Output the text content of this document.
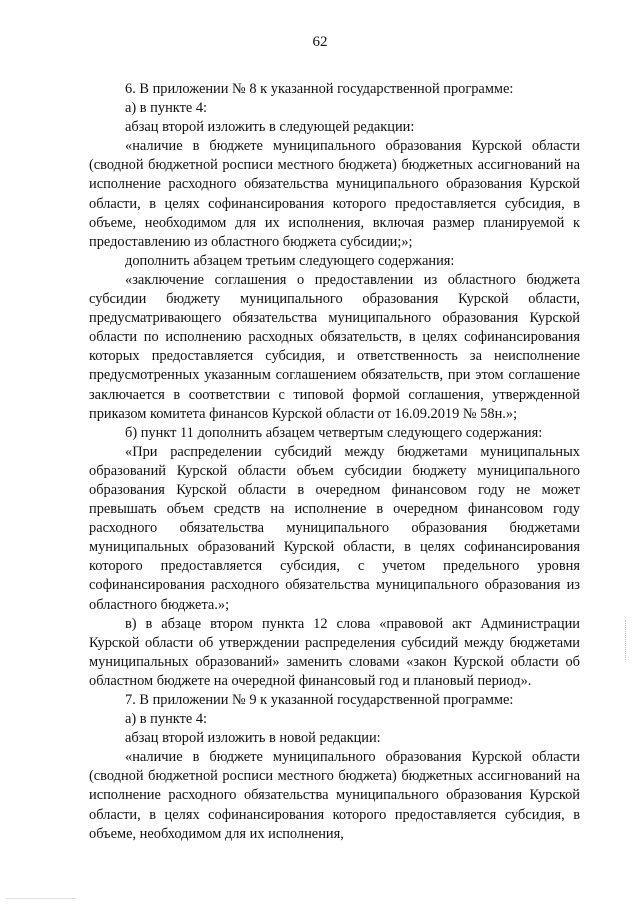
62

6. В приложении № 8 к указанной государственной программе:

а) в пункте 4:

абзац второй изложить в следующей редакции:

«наличие в бюджете муниципального образования Курской области (сводной бюджетной росписи местного бюджета) бюджетных ассигнований на исполнение расходного обязательства муниципального образования Курской области, в целях софинансирования которого предоставляется субсидия, в объеме, необходимом для их исполнения, включая размер планируемой к предоставлению из областного бюджета субсидии;»;

дополнить абзацем третьим следующего содержания:

«заключение соглашения о предоставлении из областного бюджета субсидии бюджету муниципального образования Курской области, предусматривающего обязательства муниципального образования Курской области по исполнению расходных обязательств, в целях софинансирования которых предоставляется субсидия, и ответственность за неисполнение предусмотренных указанным соглашением обязательств, при этом соглашение заключается в соответствии с типовой формой соглашения, утвержденной приказом комитета финансов Курской области от 16.09.2019 № 58н.»;

б) пункт 11 дополнить абзацем четвертым следующего содержания:

«При распределении субсидий между бюджетами муниципальных образований Курской области объем субсидии бюджету муниципального образования Курской области в очередном финансовом году не может превышать объем средств на исполнение в очередном финансовом году расходного обязательства муниципального образования бюджетами муниципальных образований Курской области, в целях софинансирования которого предоставляется субсидия, с учетом предельного уровня софинансирования расходного обязательства муниципального образования из областного бюджета.»;

в) в абзаце втором пункта 12 слова «правовой акт Администрации Курской области об утверждении распределения субсидий между бюджетами муниципальных образований» заменить словами «закон Курской области об областном бюджете на очередной финансовый год и плановый период».

7. В приложении № 9 к указанной государственной программе:

а) в пункте 4:

абзац второй изложить в новой редакции:

«наличие в бюджете муниципального образования Курской области (сводной бюджетной росписи местного бюджета) бюджетных ассигнований на исполнение расходного обязательства муниципального образования Курской области, в целях софинансирования которого предоставляется субсидия, в объеме, необходимом для их исполнения,
